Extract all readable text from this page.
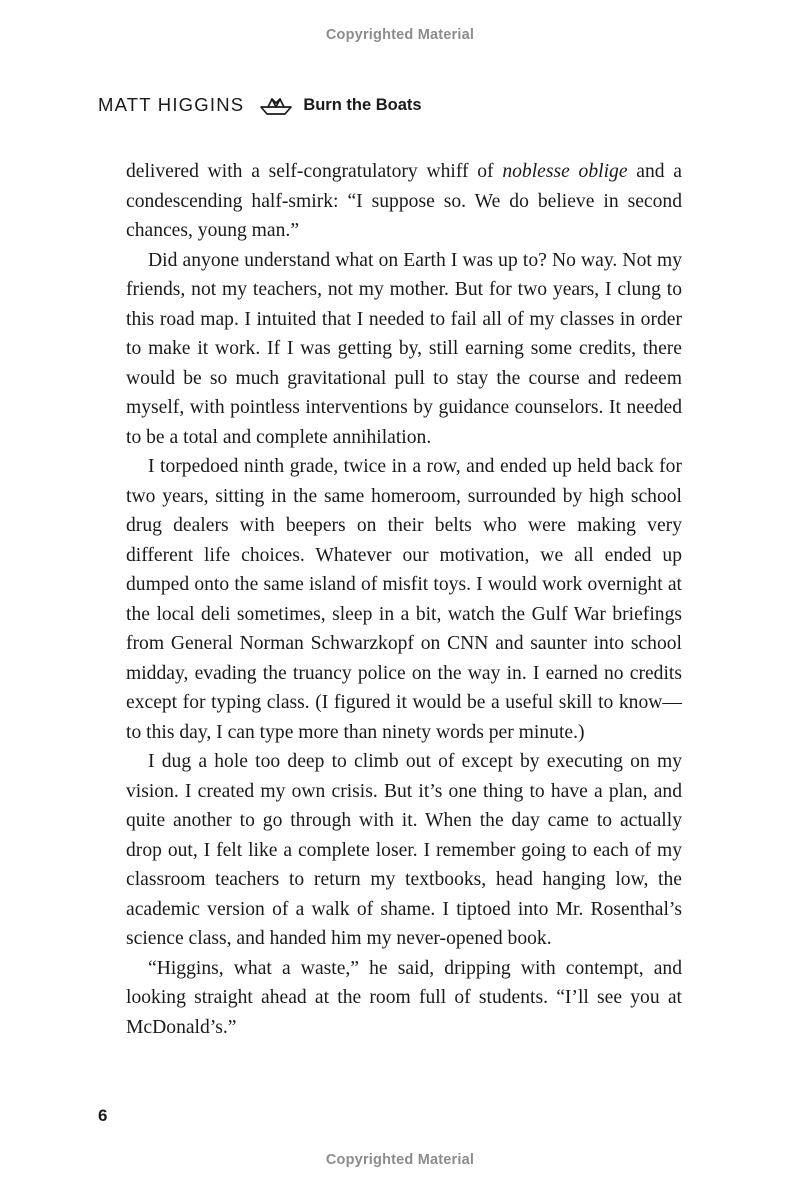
Copyrighted Material
MATT HIGGINS	Burn the Boats

delivered with a self-congratulatory whiff of noblesse oblige and a condescending half-smirk: “I suppose so. We do believe in second chances, young man.”

Did anyone understand what on Earth I was up to? No way. Not my friends, not my teachers, not my mother. But for two years, I clung to this road map. I intuited that I needed to fail all of my classes in order to make it work. If I was getting by, still earning some credits, there would be so much gravitational pull to stay the course and redeem myself, with pointless interventions by guidance counselors. It needed to be a total and complete annihilation.

I torpedoed ninth grade, twice in a row, and ended up held back for two years, sitting in the same homeroom, surrounded by high school drug dealers with beepers on their belts who were making very different life choices. Whatever our motivation, we all ended up dumped onto the same island of misfit toys. I would work overnight at the local deli sometimes, sleep in a bit, watch the Gulf War briefings from General Norman Schwarzkopf on CNN and saunter into school midday, evading the truancy police on the way in. I earned no credits except for typing class. (I figured it would be a useful skill to know—to this day, I can type more than ninety words per minute.)

I dug a hole too deep to climb out of except by executing on my vision. I created my own crisis. But it’s one thing to have a plan, and quite another to go through with it. When the day came to actually drop out, I felt like a complete loser. I remember going to each of my classroom teachers to return my textbooks, head hanging low, the academic version of a walk of shame. I tiptoed into Mr. Rosenthal’s science class, and handed him my never-opened book.

“Higgins, what a waste,” he said, dripping with contempt, and looking straight ahead at the room full of students. “I’ll see you at McDonald’s.”

6
Copyrighted Material
